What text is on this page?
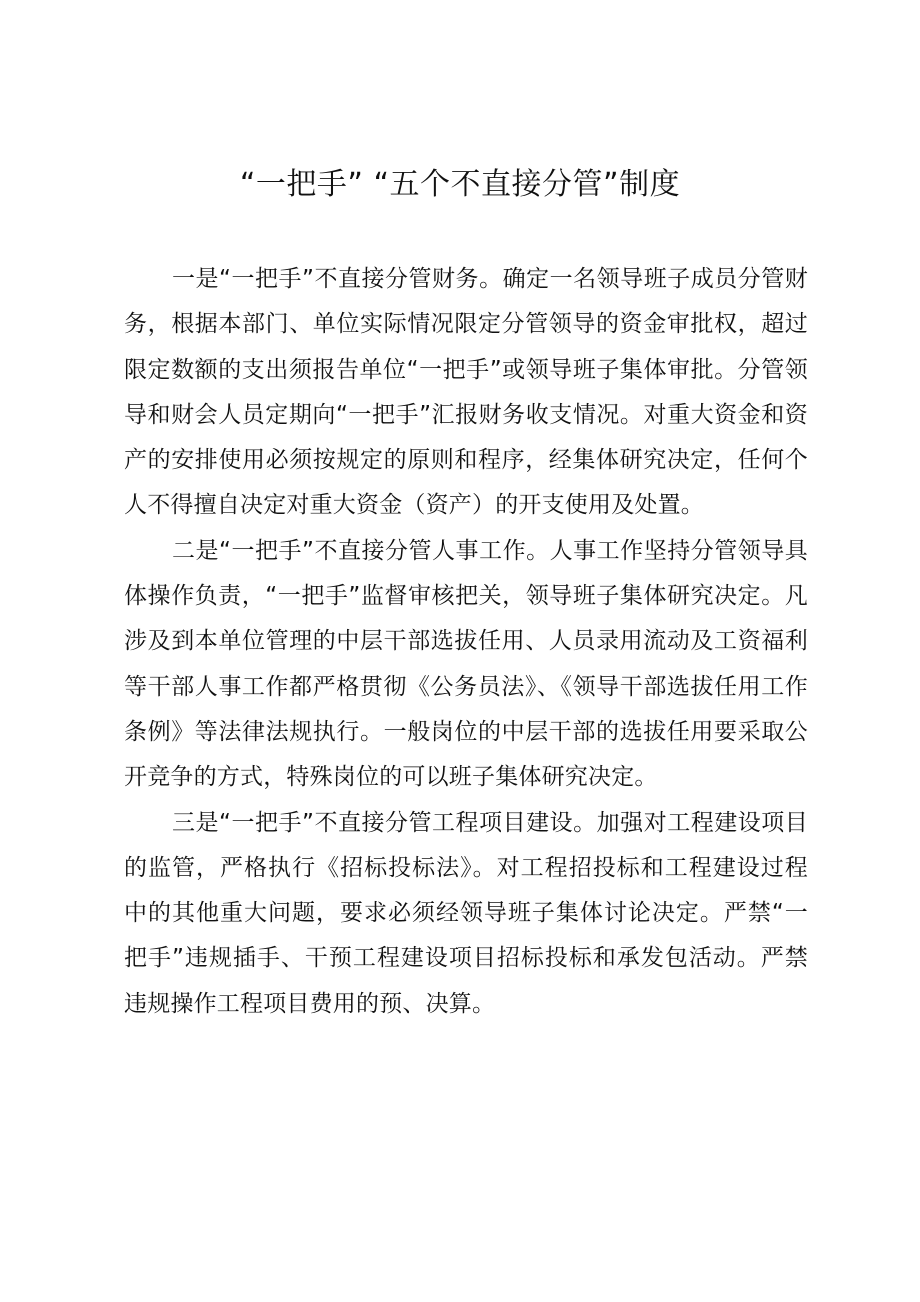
“一把手” “五个不直接分管”制度

一是“一把手”不直接分管财务。确定一名领导班子成员分管财务，根据本部门、单位实际情况限定分管领导的资金审批权，超过限定数额的支出须报告单位“一把手”或领导班子集体审批。分管领导和财会人员定期向“一把手”汇报财务收支情况。对重大资金和资产的安排使用必须按规定的原则和程序，经集体研究决定，任何个人不得擅自决定对重大资金（资产）的开支使用及处置。

二是“一把手”不直接分管人事工作。人事工作坚持分管领导具体操作负责，“一把手”监督审核把关，领导班子集体研究决定。凡涉及到本单位管理的中层干部选拔任用、人员录用流动及工资福利等干部人事工作都严格贯彻《公务员法》、《领导干部选拔任用工作条例》等法律法规执行。一般岗位的中层干部的选拔任用要采取公开竞争的方式，特殊岗位的可以班子集体研究决定。

三是“一把手”不直接分管工程项目建设。加强对工程建设项目的监管，严格执行《招标投标法》。对工程招投标和工程建设过程中的其他重大问题，要求必须经领导班子集体讨论决定。严禁“一把手”违规插手、干预工程建设项目招标投标和承发包活动。严禁违规操作工程项目费用的预、决算。
